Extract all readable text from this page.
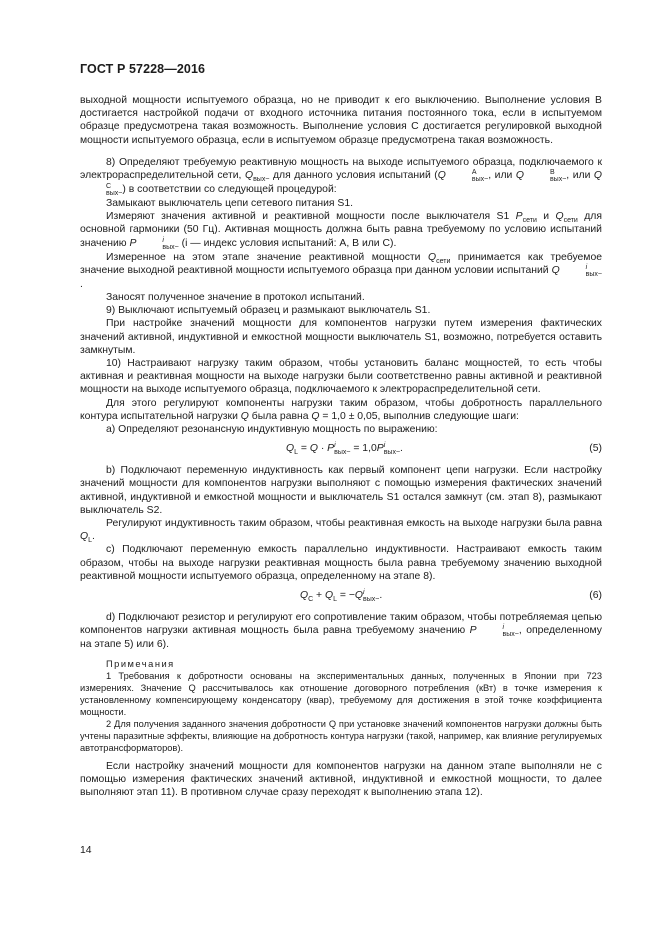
ГОСТ Р 57228—2016

выходной мощности испытуемого образца, но не приводит к его выключению. Выполнение условия В достигается настройкой подачи от входного источника питания постоянного тока, если в испытуемом образце предусмотрена такая возможность. Выполнение условия С достигается регулировкой выходной мощности испытуемого образца, если в испытуемом образце предусмотрена такая возможность.

8) Определяют требуемую реактивную мощность на выходе испытуемого образца, подключаемого к электрораспределительной сети, $Q_{вых\sim}$ для данного условия испытаний (Q	A
вых~ , или Q	B
вых~ , или Q
C
вых~ ) в соответствии со следующей процедурой:

Замыкают выключатель цепи сетевого питания S1.

Измеряют значения активной и реактивной мощности после выключателя S1 $P_{сети}$ и $Q_{сети}$ для основной гармоники (50 Гц). Активная мощность должна быть равна требуемому по условию испытаний значению P	i
вых~ (i — индекс условия испытаний: А, В или С).

Измеренное на этом этапе значение реактивной мощности $Q_{сети}$ принимается как требуемое значение выходной реактивной мощности испытуемого образца при данном условии испытаний Q	i
вых~
.

Заносят полученное значение в протокол испытаний.

9) Выключают испытуемый образец и размыкают выключатель S1.

При настройке значений мощности для компонентов нагрузки путем измерения фактических значений активной, индуктивной и емкостной мощности выключатель S1, возможно, потребуется оставить замкнутым.

10) Настраивают нагрузку таким образом, чтобы установить баланс мощностей, то есть чтобы активная и реактивная мощности на выходе нагрузки были соответственно равны активной и реактивной мощности на выходе испытуемого образца, подключаемого к электрораспределительной сети.

Для этого регулируют компоненты нагрузки таким образом, чтобы добротность параллельного контура испытательной нагрузки Q была равна Q = 1,0 ± 0,05, выполнив следующие шаги:

a) Определяют резонансную индуктивную мощность по выражению:

$Q_L = Q \cdot P$ i
вых~ = 1,0P i
вых~ .	(5)

b) Подключают переменную индуктивность как первый компонент цепи нагрузки. Если настройку значений мощности для компонентов нагрузки выполняют с помощью измерения фактических значений активной, индуктивной и емкостной мощности и выключатель S1 остался замкнут (см. этап 8), размыкают выключатель S2.

Регулируют индуктивность таким образом, чтобы реактивная емкость на выходе нагрузки была равна $Q_L$.

c) Подключают переменную емкость параллельно индуктивности. Настраивают емкость таким образом, чтобы на выходе нагрузки реактивная мощность была равна требуемому значению выходной реактивной мощности испытуемого образца, определенному на этапе 8).

$Q_C + Q_L = -Q$ i
вых~ .	(6)

d) Подключают резистор и регулируют его сопротивление таким образом, чтобы потребляемая цепью компонентов нагрузки активная мощность была равна требуемому значению P	i
вых~ , определенному на этапе 5) или 6).

Примечания

1 Требования к добротности основаны на экспериментальных данных, полученных в Японии при 723 измерениях. Значение Q рассчитывалось как отношение договорного потребления (кВт) в точке измерения к установленному компенсирующему конденсатору (квар), требуемому для достижения в этой точке коэффициента мощности.

2 Для получения заданного значения добротности Q при установке значений компонентов нагрузки должны быть учтены паразитные эффекты, влияющие на добротность контура нагрузки (такой, например, как влияние регулируемых автотрансформаторов).

Если настройку значений мощности для компонентов нагрузки на данном этапе выполняли не с помощью измерения фактических значений активной, индуктивной и емкостной мощности, то далее выполняют этап 11). В противном случае сразу переходят к выполнению этапа 12).

14
